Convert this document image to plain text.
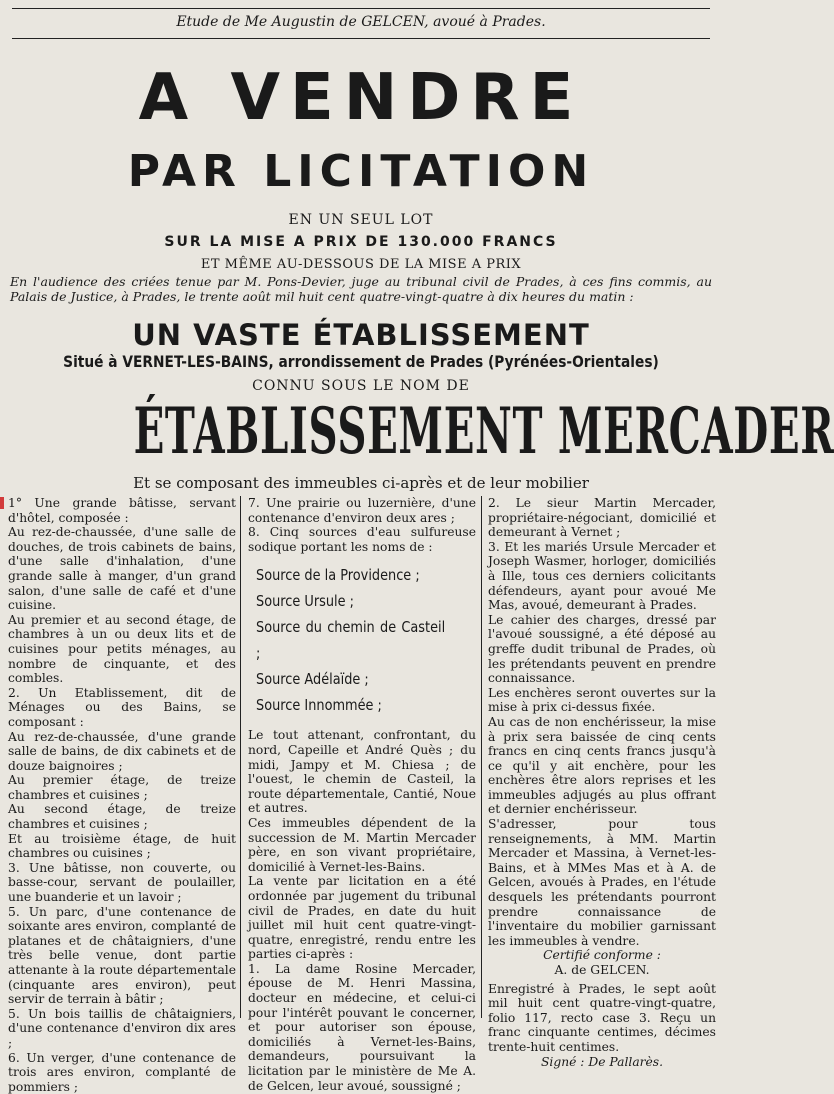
Etude de Me Augustin de GELCEN, avoué à Prades.
A VENDRE
PAR LICITATION
EN UN SEUL LOT
SUR LA MISE A PRIX DE 130.000 FRANCS
ET MÊME AU-DESSOUS DE LA MISE A PRIX
En l'audience des criées tenue par M. Pons-Devier, juge au tribunal civil de Prades, à ces fins commis, au Palais de Justice, à Prades, le trente août mil huit cent quatre-vingt-quatre à dix heures du matin :
UN VASTE ÉTABLISSEMENT
Situé à VERNET-LES-BAINS, arrondissement de Prades (Pyrénées-Orientales)
CONNU SOUS LE NOM DE
ÉTABLISSEMENT MERCADER
Et se composant des immeubles ci-après et de leur mobilier

1° Une grande bâtisse, servant d'hôtel, composée :

Au rez-de-chaussée, d'une salle de douches, de trois cabinets de bains, d'une salle d'inhalation, d'une grande salle à manger, d'un grand salon, d'une salle de café et d'une cuisine.

Au premier et au second étage, de chambres à un ou deux lits et de cuisines pour petits ménages, au nombre de cinquante, et des combles.

2. Un Etablissement, dit de Ménages ou des Bains, se composant :

Au rez-de-chaussée, d'une grande salle de bains, de dix cabinets et de douze baignoires ;

Au premier étage, de treize chambres et cuisines ;

Au second étage, de treize chambres et cuisines ;

Et au troisième étage, de huit chambres ou cuisines ;

3. Une bâtisse, non couverte, ou basse-cour, servant de poulailler, une buanderie et un lavoir ;

5. Un parc, d'une contenance de soixante ares environ, complanté de platanes et de châtaigniers, d'une très belle venue, dont partie attenante à la route départementale (cinquante ares environ), peut servir de terrain à bâtir ;

5. Un bois taillis de châtaigniers, d'une contenance d'environ dix ares ;

6. Un verger, d'une contenance de trois ares environ, complanté de pommiers ;

7. Une prairie ou luzernière, d'une contenance d'environ deux ares ;

8. Cinq sources d'eau sulfureuse sodique portant les noms de :

Source de la Providence ;
Source Ursule ;
Source du chemin de Casteil ;
Source Adélaïde ;
Source Innommée ;

Le tout attenant, confrontant, du nord, Capeille et André Quès ; du midi, Jampy et M. Chiesa ; de l'ouest, le chemin de Casteil, la route départementale, Cantié, Noue et autres.

Ces immeubles dépendent de la succession de M. Martin Mercader père, en son vivant propriétaire, domicilié à Vernet-les-Bains.

La vente par licitation en a été ordonnée par jugement du tribunal civil de Prades, en date du huit juillet mil huit cent quatre-vingt-quatre, enregistré, rendu entre les parties ci-après :

1. La dame Rosine Mercader, épouse de M. Henri Massina, docteur en médecine, et celui-ci pour l'intérêt pouvant le concerner, et pour autoriser son épouse, domiciliés à Vernet-les-Bains, demandeurs, poursuivant la licitation par le ministère de Me A. de Gelcen, leur avoué, soussigné ;

2. Le sieur Martin Mercader, propriétaire-négociant, domicilié et demeurant à Vernet ;

3. Et les mariés Ursule Mercader et Joseph Wasmer, horloger, domiciliés à Ille, tous ces derniers colicitants défendeurs, ayant pour avoué Me Mas, avoué, demeurant à Prades.

Le cahier des charges, dressé par l'avoué soussigné, a été déposé au greffe dudit tribunal de Prades, où les prétendants peuvent en prendre connaissance.

Les enchères seront ouvertes sur la mise à prix ci-dessus fixée.

Au cas de non enchérisseur, la mise à prix sera baissée de cinq cents francs en cinq cents francs jusqu'à ce qu'il y ait enchère, pour les enchères être alors reprises et les immeubles adjugés au plus offrant et dernier enchérisseur.

S'adresser, pour tous renseignements, à MM. Martin Mercader et Massina, à Vernet-les-Bains, et à MMes Mas et à A. de Gelcen, avoués à Prades, en l'étude desquels les prétendants pourront prendre connaissance de l'inventaire du mobilier garnissant les immeubles à vendre.

Certifié conforme :

A. de GELCEN.

Enregistré à Prades, le sept août mil huit cent quatre-vingt-quatre, folio 117, recto case 3. Reçu un franc cinquante centimes, décimes trente-huit centimes.

Signé : De Pallarès.
